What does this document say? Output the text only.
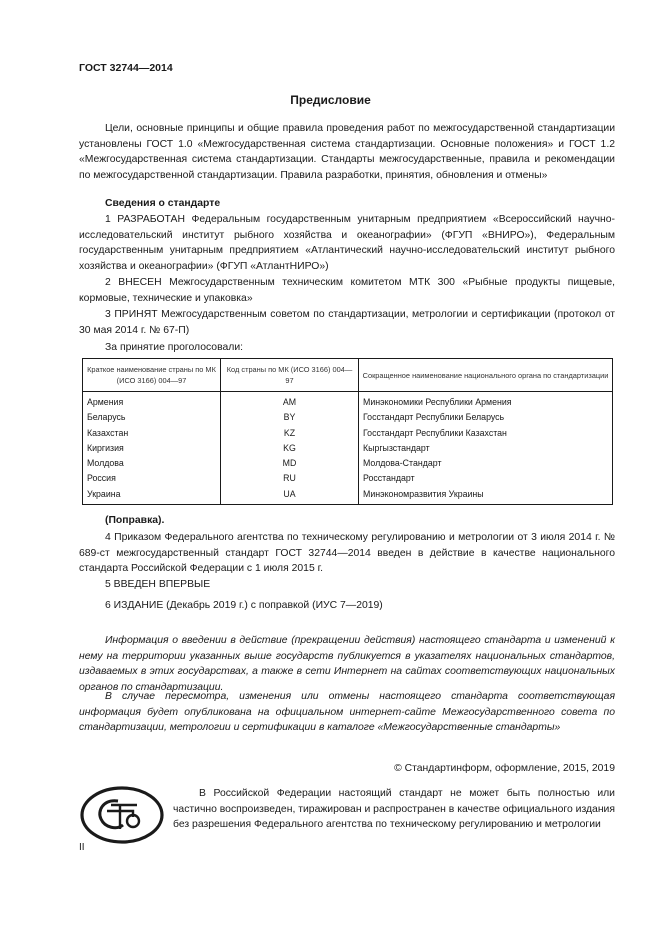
ГОСТ 32744—2014
Предисловие
Цели, основные принципы и общие правила проведения работ по межгосударственной стандартизации установлены ГОСТ 1.0 «Межгосударственная система стандартизации. Основные положения» и ГОСТ 1.2 «Межгосударственная система стандартизации. Стандарты межгосударственные, правила и рекомендации по межгосударственной стандартизации. Правила разработки, принятия, обновления и отмены»
Сведения о стандарте
1 РАЗРАБОТАН Федеральным государственным унитарным предприятием «Всероссийский научно-исследовательский институт рыбного хозяйства и океанографии» (ФГУП «ВНИРО»), Федеральным государственным унитарным предприятием «Атлантический научно-исследовательский институт рыбного хозяйства и океанографии» (ФГУП «АтлантНИРО»)
2 ВНЕСЕН Межгосударственным техническим комитетом МТК 300 «Рыбные продукты пищевые, кормовые, технические и упаковка»
3 ПРИНЯТ Межгосударственным советом по стандартизации, метрологии и сертификации (протокол от 30 мая 2014 г. № 67-П)
За принятие проголосовали:
Краткое наименование страны по МК (ИСО 3166) 004—97	Код страны по МК (ИСО 3166) 004—97	Сокращенное наименование национального органа по стандартизации
Армения	AM	Минэкономики Республики Армения
Беларусь	BY	Госстандарт Республики Беларусь
Казахстан	KZ	Госстандарт Республики Казахстан
Киргизия	KG	Кыргызстандарт
Молдова	MD	Молдова-Стандарт
Россия	RU	Росстандарт
Украина	UA	Минэкономразвития Украины
(Поправка).
4 Приказом Федерального агентства по техническому регулированию и метрологии от 3 июля 2014 г. № 689-ст межгосударственный стандарт ГОСТ 32744—2014 введен в действие в качестве национального стандарта Российской Федерации с 1 июля 2015 г.
5 ВВЕДЕН ВПЕРВЫЕ
6 ИЗДАНИЕ (Декабрь 2019 г.) с поправкой (ИУС 7—2019)
Информация о введении в действие (прекращении действия) настоящего стандарта и изменений к нему на территории указанных выше государств публикуется в указателях национальных стандартов, издаваемых в этих государствах, а также в сети Интернет на сайтах соответствующих национальных органов по стандартизации.
В случае пересмотра, изменения или отмены настоящего стандарта соответствующая информация будет опубликована на официальном интернет-сайте Межгосударственного совета по стандартизации, метрологии и сертификации в каталоге «Межгосударственные стандарты»
© Стандартинформ, оформление, 2015, 2019
В Российской Федерации настоящий стандарт не может быть полностью или частично воспроизведен, тиражирован и распространен в качестве официального издания без разрешения Федерального агентства по техническому регулированию и метрологии
II
